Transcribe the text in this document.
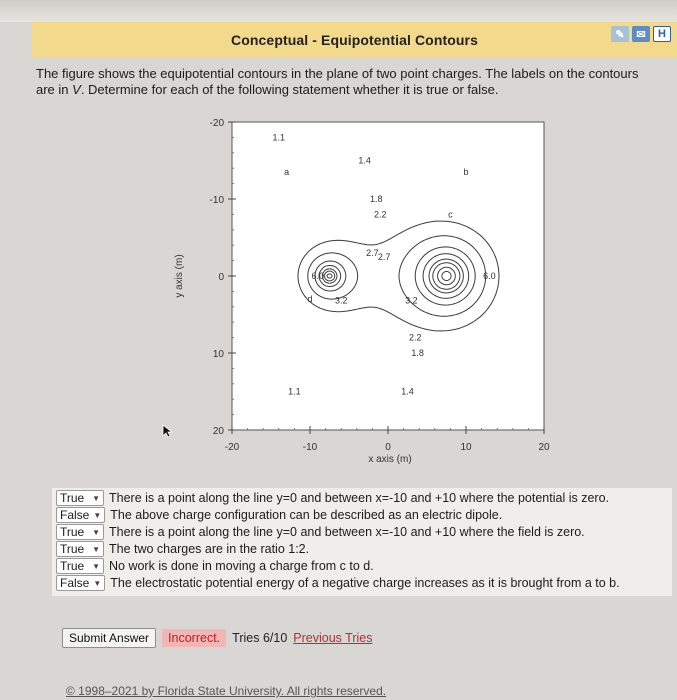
Conceptual - Equipotential Contours	✎	✉	H
The figure shows the equipotential contours in the plane of two point charges. The labels on the contours are in V. Determine for each of the following statement whether it is true or false.
-20
-10
0
10
20
-20	-10	0	10	20
x axis (m)
y axis (m)
1.1
1.4
1.8
2.2
2.7 2.7
6.0	6.0
3.2	3.2
2.2
1.8
1.1	1.4
a	b
c
d
True ▼ There is a point along the line y=0 and between x=-10 and +10 where the potential is zero.
False ▼ The above charge configuration can be described as an electric dipole.
True ▼ There is a point along the line y=0 and between x=-10 and +10 where the field is zero.
True ▼ The two charges are in the ratio 1:2.
True ▼ No work is done in moving a charge from c to d.
False ▼ The electrostatic potential energy of a negative charge increases as it is brought from a to b.
Submit Answer	Incorrect. Tries 6/10 Previous Tries
© 1998–2021 by Florida State University. All rights reserved.
